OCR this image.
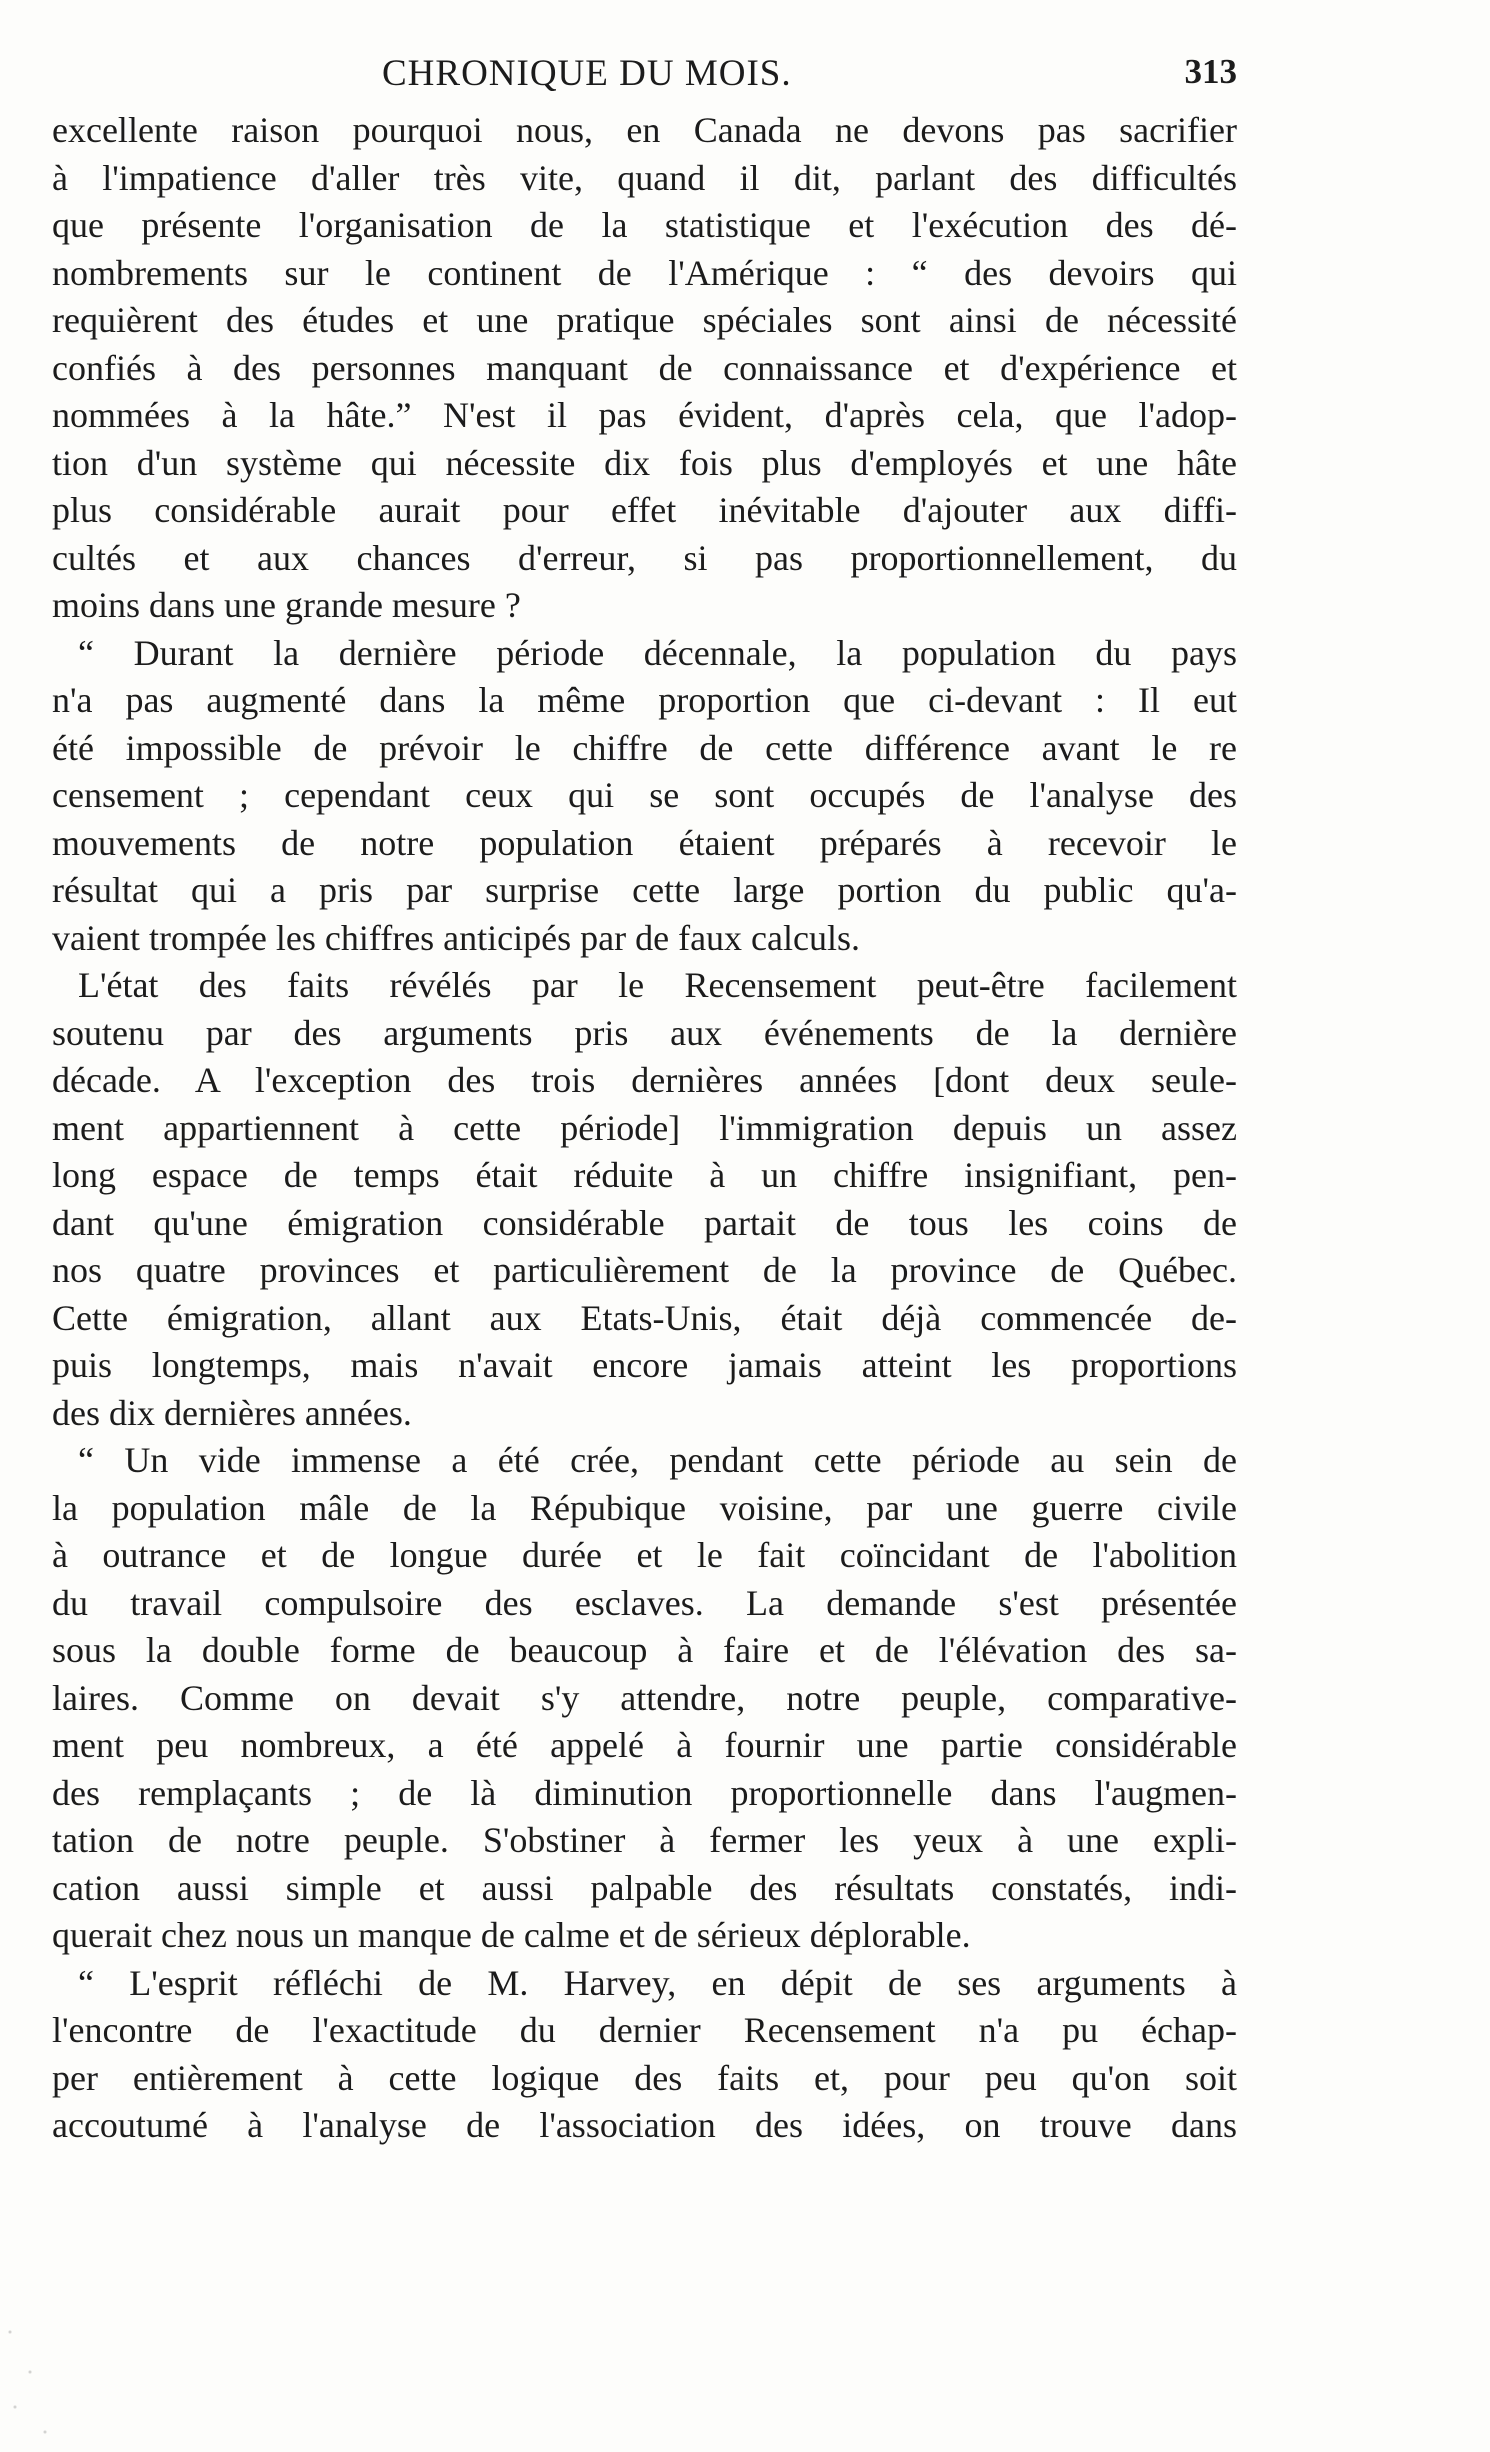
CHRONIQUE DU MOIS.	313
excellente raison pourquoi nous, en Canada ne devons pas sacrifier
à l'impatience d'aller très vite, quand il dit, parlant des difficultés
que présente l'organisation de la statistique et l'exécution des dé-
nombrements sur le continent de l'Amérique : “ des devoirs qui
requièrent des études et une pratique spéciales sont ainsi de nécessité
confiés à des personnes manquant de connaissance et d'expérience et
nommées à la hâte.” N'est il pas évident, d'après cela, que l'adop-
tion d'un système qui nécessite dix fois plus d'employés et une hâte
plus considérable aurait pour effet inévitable d'ajouter aux diffi-
cultés et aux chances d'erreur, si pas proportionnellement, du
moins dans une grande mesure ?
“ Durant la dernière période décennale, la population du pays
n'a pas augmenté dans la même proportion que ci-devant : Il eut
été impossible de prévoir le chiffre de cette différence avant le re
censement ; cependant ceux qui se sont occupés de l'analyse des
mouvements de notre population étaient préparés à recevoir le
résultat qui a pris par surprise cette large portion du public qu'a-
vaient trompée les chiffres anticipés par de faux calculs.
L'état des faits révélés par le Recensement peut-être facilement
soutenu par des arguments pris aux événements de la dernière
décade. A l'exception des trois dernières années [dont deux seule-
ment appartiennent à cette période] l'immigration depuis un assez
long espace de temps était réduite à un chiffre insignifiant, pen-
dant qu'une émigration considérable partait de tous les coins de
nos quatre provinces et particulièrement de la province de Québec.
Cette émigration, allant aux Etats-Unis, était déjà commencée de-
puis longtemps, mais n'avait encore jamais atteint les proportions
des dix dernières années.
“ Un vide immense a été crée, pendant cette période au sein de
la population mâle de la Répubique voisine, par une guerre civile
à outrance et de longue durée et le fait coïncidant de l'abolition
du travail compulsoire des esclaves. La demande s'est présentée
sous la double forme de beaucoup à faire et de l'élévation des sa-
laires. Comme on devait s'y attendre, notre peuple, comparative-
ment peu nombreux, a été appelé à fournir une partie considérable
des remplaçants ; de là diminution proportionnelle dans l'augmen-
tation de notre peuple. S'obstiner à fermer les yeux à une expli-
cation aussi simple et aussi palpable des résultats constatés, indi-
querait chez nous un manque de calme et de sérieux déplorable.
“ L'esprit réfléchi de M. Harvey, en dépit de ses arguments à
l'encontre de l'exactitude du dernier Recensement n'a pu échap-
per entièrement à cette logique des faits et, pour peu qu'on soit
accoutumé à l'analyse de l'association des idées, on trouve dans
